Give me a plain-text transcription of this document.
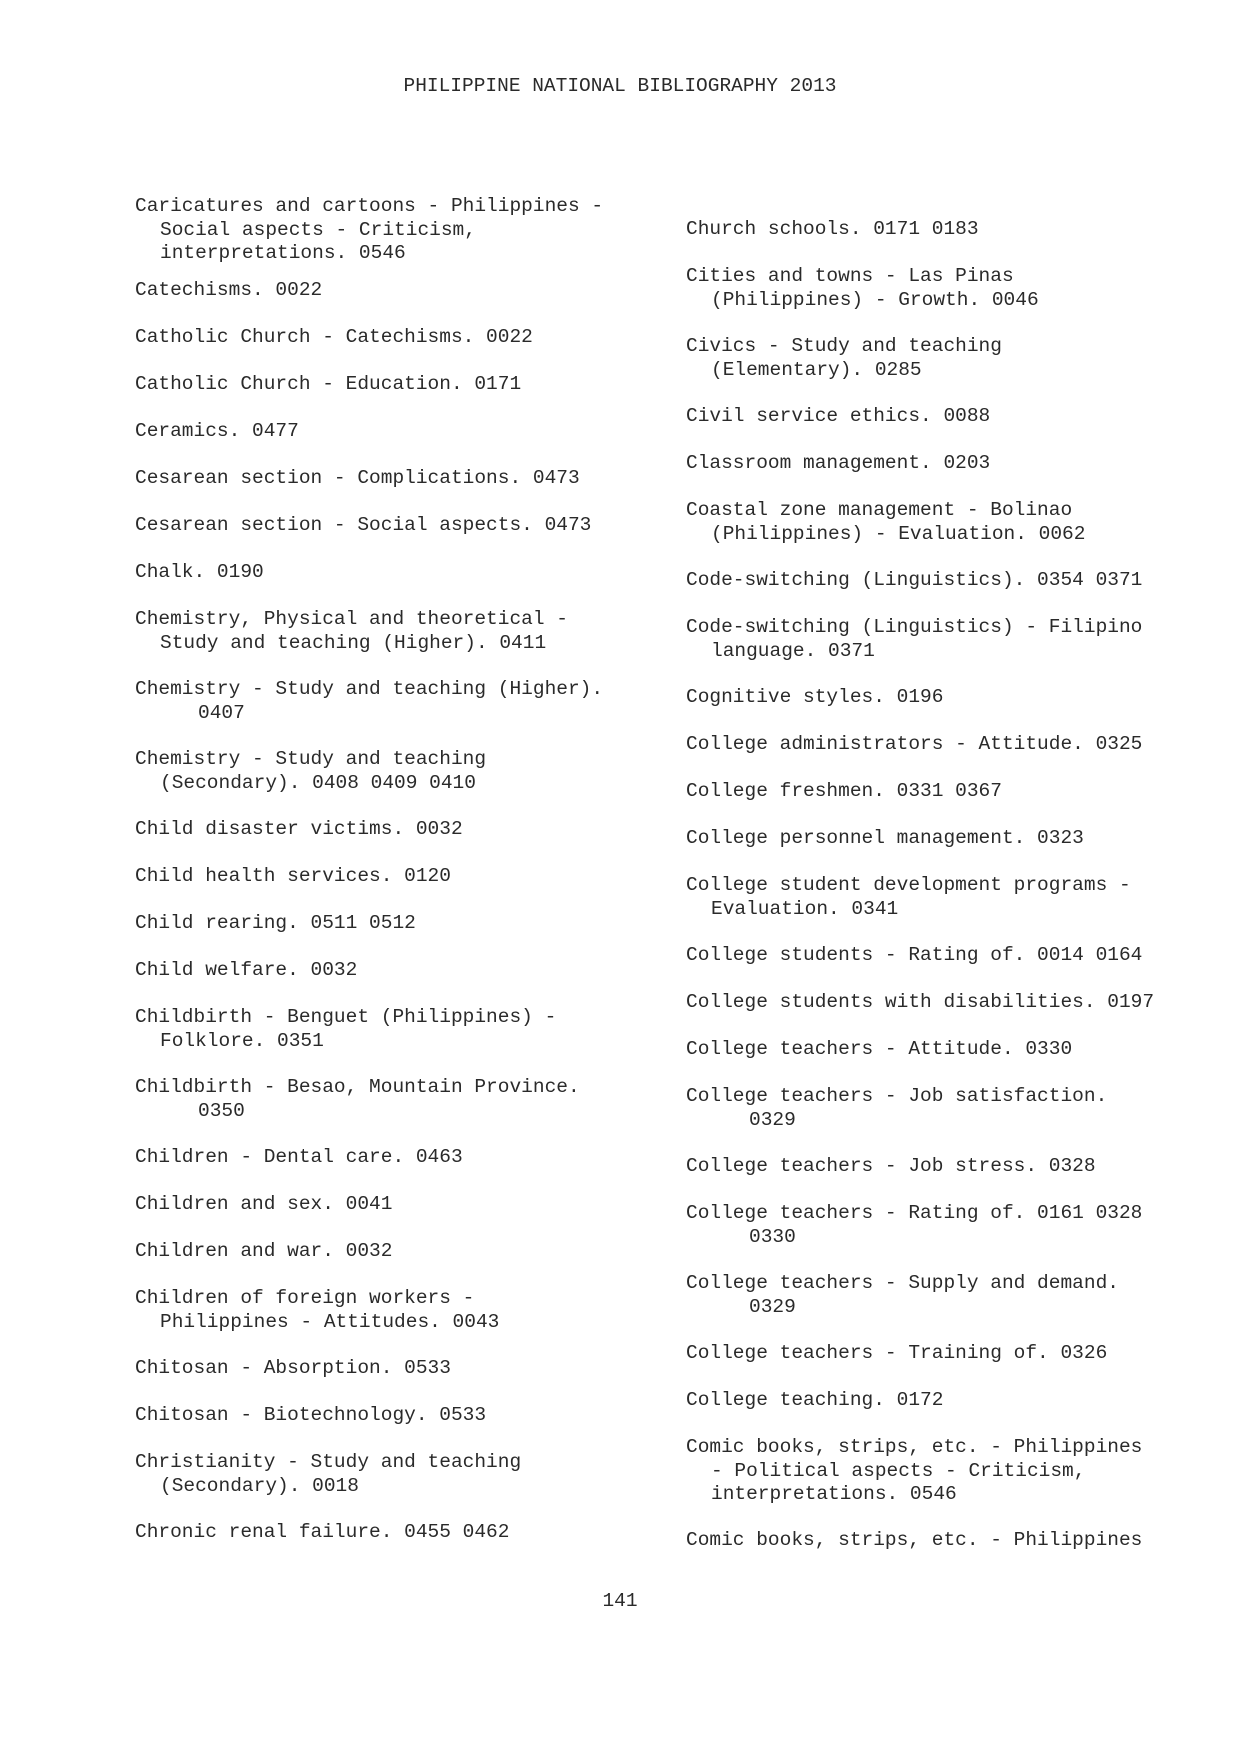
PHILIPPINE NATIONAL BIBLIOGRAPHY 2013
Caricatures and cartoons - Philippines -
Social aspects - Criticism,
interpretations. 0546
Catechisms. 0022
Catholic Church - Catechisms. 0022
Catholic Church - Education. 0171
Ceramics. 0477
Cesarean section - Complications. 0473
Cesarean section - Social aspects. 0473
Chalk. 0190
Chemistry, Physical and theoretical -
Study and teaching (Higher). 0411
Chemistry - Study and teaching (Higher).
0407
Chemistry - Study and teaching
(Secondary). 0408 0409 0410
Child disaster victims. 0032
Child health services. 0120
Child rearing. 0511 0512
Child welfare. 0032
Childbirth - Benguet (Philippines) -
Folklore. 0351
Childbirth - Besao, Mountain Province.
0350
Children - Dental care. 0463
Children and sex. 0041
Children and war. 0032
Children of foreign workers -
Philippines - Attitudes. 0043
Chitosan - Absorption. 0533
Chitosan - Biotechnology. 0533
Christianity - Study and teaching
(Secondary). 0018
Chronic renal failure. 0455 0462
Church schools. 0171 0183
Cities and towns - Las Pinas
(Philippines) - Growth. 0046
Civics - Study and teaching
(Elementary). 0285
Civil service ethics. 0088
Classroom management. 0203
Coastal zone management - Bolinao
(Philippines) - Evaluation. 0062
Code-switching (Linguistics). 0354 0371
Code-switching (Linguistics) - Filipino
language. 0371
Cognitive styles. 0196
College administrators - Attitude. 0325
College freshmen. 0331 0367
College personnel management. 0323
College student development programs -
Evaluation. 0341
College students - Rating of. 0014 0164
College students with disabilities. 0197
College teachers - Attitude. 0330
College teachers - Job satisfaction.
0329
College teachers - Job stress. 0328
College teachers - Rating of. 0161 0328
0330
College teachers - Supply and demand.
0329
College teachers - Training of. 0326
College teaching. 0172
Comic books, strips, etc. - Philippines
- Political aspects - Criticism,
interpretations. 0546
Comic books, strips, etc. - Philippines
141
